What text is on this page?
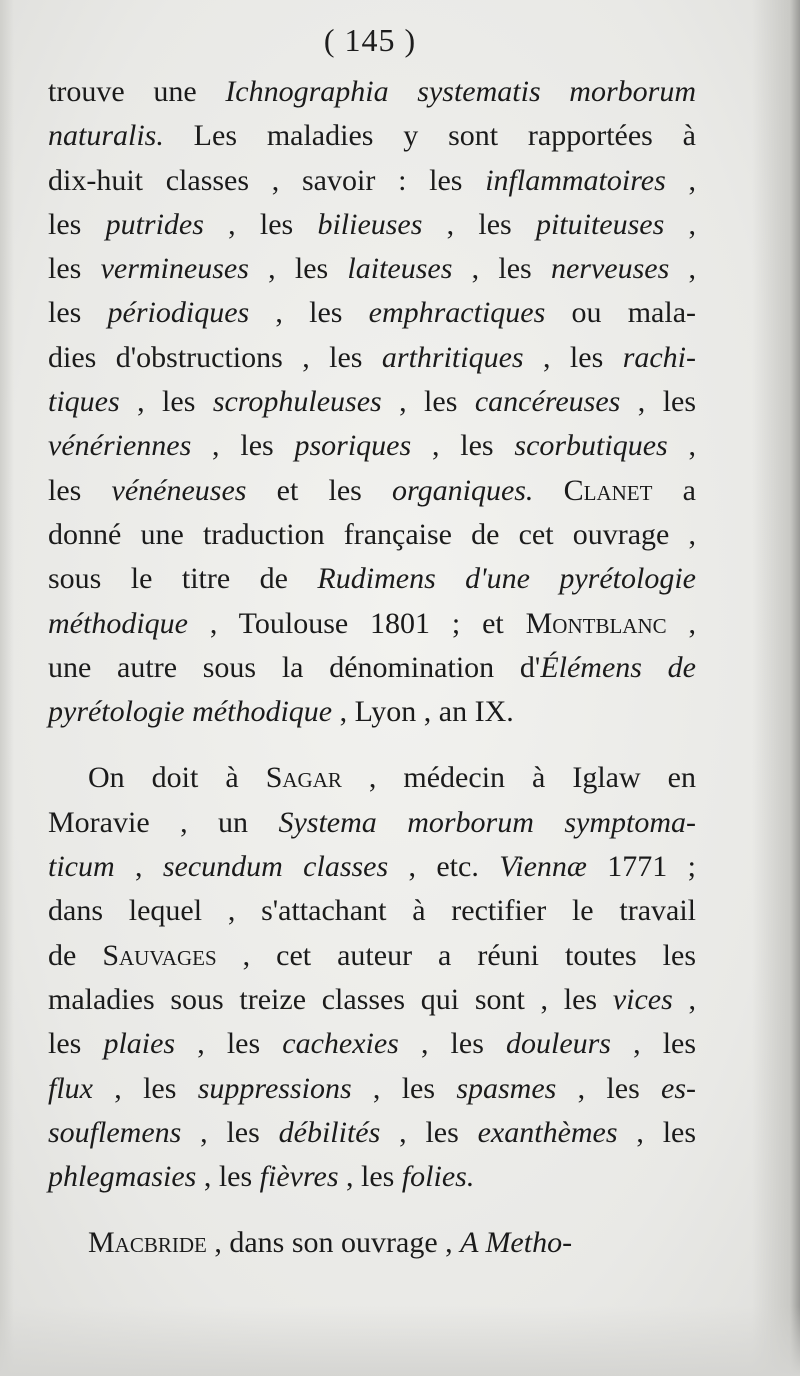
( 145 )
trouve une Ichnographia systematis morborum
naturalis. Les maladies y sont rapportées à
dix-huit classes , savoir : les inflammatoires ,
les putrides , les bilieuses , les pituiteuses ,
les vermineuses , les laiteuses , les nerveuses ,
les périodiques , les emphractiques ou mala-
dies d'obstructions , les arthritiques , les rachi-
tiques , les scrophuleuses , les cancéreuses , les
vénériennes , les psoriques , les scorbutiques ,
les vénéneuses et les organiques. Clanet a
donné une traduction française de cet ouvrage ,
sous le titre de Rudimens d'une pyrétologie
méthodique , Toulouse 1801 ; et Montblanc ,
une autre sous la dénomination d'Élémens de
pyrétologie méthodique , Lyon , an IX.
On doit à Sagar , médecin à Iglaw en
Moravie , un Systema morborum symptoma-
ticum , secundum classes , etc. Viennæ 1771 ;
dans lequel , s'attachant à rectifier le travail
de Sauvages , cet auteur a réuni toutes les
maladies sous treize classes qui sont , les vices ,
les plaies , les cachexies , les douleurs , les
flux , les suppressions , les spasmes , les es-
souflemens , les débilités , les exanthèmes , les
phlegmasies , les fièvres , les folies.
Macbride , dans son ouvrage , A Metho-
